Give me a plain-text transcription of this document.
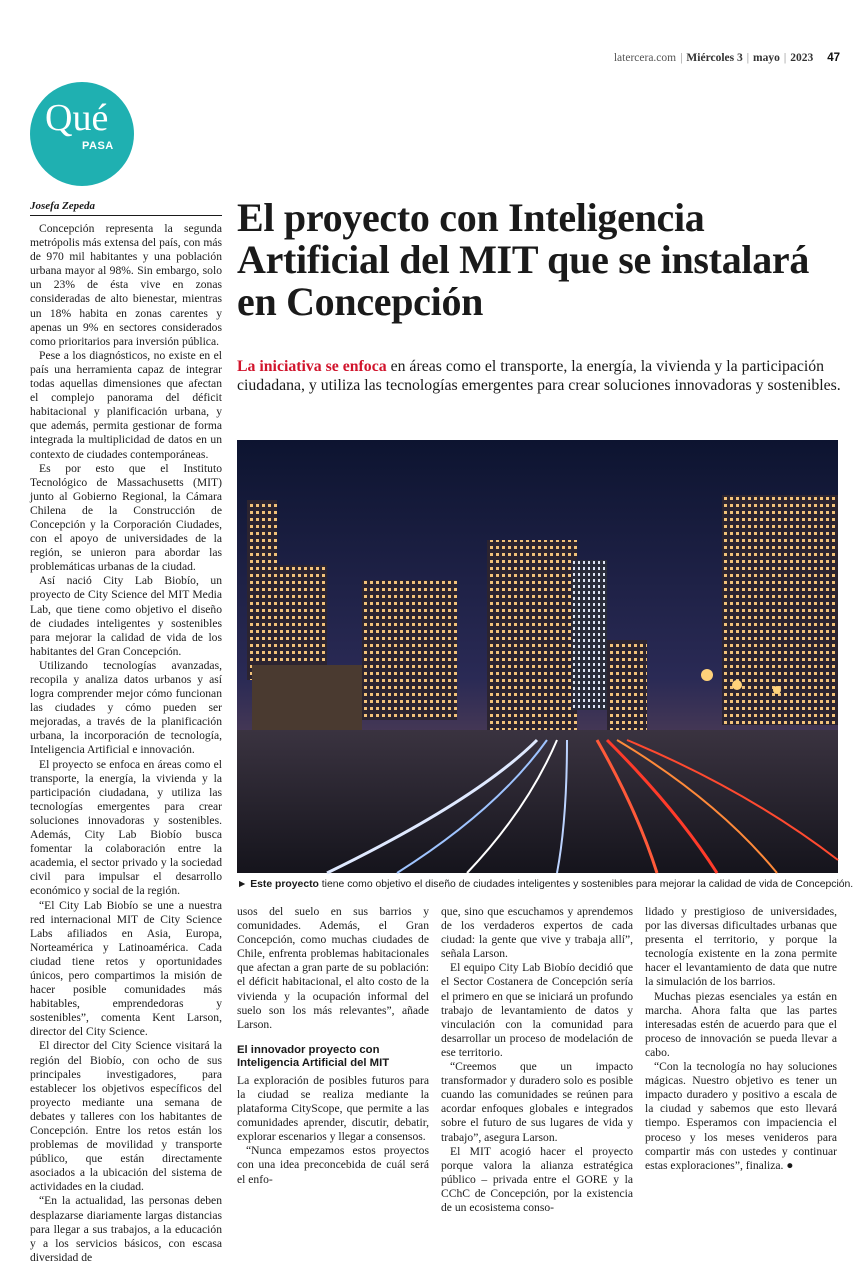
latercera.com | Miércoles 3 | mayo | 2023 47
Qué
PASA
Josefa Zepeda

Concepción representa la segunda metrópolis más extensa del país, con más de 970 mil habitantes y una población urbana mayor al 98%. Sin embargo, solo un 23% de ésta vive en zonas consideradas de alto bienestar, mientras un 18% habita en zonas carentes y apenas un 9% en sectores considerados como prioritarios para inversión pública.

Pese a los diagnósticos, no existe en el país una herramienta capaz de integrar todas aquellas dimensiones que afectan el complejo panorama del déficit habitacional y planificación urbana, y que además, permita gestionar de forma integrada la multiplicidad de datos en un contexto de ciudades contemporáneas.

Es por esto que el Instituto Tecnológico de Massachusetts (MIT) junto al Gobierno Regional, la Cámara Chilena de la Construcción de Concepción y la Corporación Ciudades, con el apoyo de universidades de la región, se unieron para abordar las problemáticas urbanas de la ciudad.

Así nació City Lab Biobío, un proyecto de City Science del MIT Media Lab, que tiene como objetivo el diseño de ciudades inteligentes y sostenibles para mejorar la calidad de vida de los habitantes del Gran Concepción.

Utilizando tecnologías avanzadas, recopila y analiza datos urbanos y así logra comprender mejor cómo funcionan las ciudades y cómo pueden ser mejoradas, a través de la planificación urbana, la incorporación de tecnología, Inteligencia Artificial e innovación.

El proyecto se enfoca en áreas como el transporte, la energía, la vivienda y la participación ciudadana, y utiliza las tecnologías emergentes para crear soluciones innovadoras y sostenibles. Además, City Lab Biobío busca fomentar la colaboración entre la academia, el sector privado y la sociedad civil para impulsar el desarrollo económico y social de la región.

“El City Lab Biobío se une a nuestra red internacional MIT de City Science Labs afiliados en Asia, Europa, Norteamérica y Latinoamérica. Cada ciudad tiene retos y oportunidades únicos, pero compartimos la misión de hacer posible comunidades más habitables, emprendedoras y sostenibles”, comenta Kent Larson, director del City Science.

El director del City Science visitará la región del Biobío, con ocho de sus principales investigadores, para establecer los objetivos específicos del proyecto mediante una semana de debates y talleres con los habitantes de Concepción. Entre los retos están los problemas de movilidad y transporte público, que están directamente asociados a la ubicación del sistema de actividades en la ciudad.

“En la actualidad, las personas deben desplazarse diariamente largas distancias para llegar a sus trabajos, a la educación y a los servicios básicos, con escasa diversidad de

El proyecto con Inteligencia Artificial del MIT que se instalará en Concepción

La iniciativa se enfoca en áreas como el transporte, la energía, la vivienda y la participación ciudadana, y utiliza las tecnologías emergentes para crear soluciones innovadoras y sostenibles.

► Este proyecto tiene como objetivo el diseño de ciudades inteligentes y sostenibles para mejorar la calidad de vida de Concepción.

usos del suelo en sus barrios y comunidades. Además, el Gran Concepción, como muchas ciudades de Chile, enfrenta problemas habitacionales que afectan a gran parte de su población: el déficit habitacional, el alto costo de la vivienda y la ocupación informal del suelo son los más relevantes”, añade Larson.

El innovador proyecto con Inteligencia Artificial del MIT

La exploración de posibles futuros para la ciudad se realiza mediante la plataforma CityScope, que permite a las comunidades aprender, discutir, debatir, explorar escenarios y llegar a consensos.

“Nunca empezamos estos proyectos con una idea preconcebida de cuál será el enfo-

que, sino que escuchamos y aprendemos de los verdaderos expertos de cada ciudad: la gente que vive y trabaja allí”, señala Larson.

El equipo City Lab Biobío decidió que el Sector Costanera de Concepción sería el primero en que se iniciará un profundo trabajo de levantamiento de datos y vinculación con la comunidad para desarrollar un proceso de modelación de ese territorio.

“Creemos que un impacto transformador y duradero solo es posible cuando las comunidades se reúnen para acordar enfoques globales e integrados sobre el futuro de sus lugares de vida y trabajo”, asegura Larson.

El MIT acogió hacer el proyecto porque valora la alianza estratégica público – privada entre el GORE y la CChC de Concepción, por la existencia de un ecosistema conso-

lidado y prestigioso de universidades, por las diversas dificultades urbanas que presenta el territorio, y porque la tecnología existente en la zona permite hacer el levantamiento de data que nutre la simulación de los barrios.

Muchas piezas esenciales ya están en marcha. Ahora falta que las partes interesadas estén de acuerdo para que el proceso de innovación se pueda llevar a cabo.

“Con la tecnología no hay soluciones mágicas. Nuestro objetivo es tener un impacto duradero y positivo a escala de la ciudad y sabemos que esto llevará tiempo. Esperamos con impaciencia el proceso y los meses venideros para compartir más con ustedes y continuar estas exploraciones”, finaliza. ●
